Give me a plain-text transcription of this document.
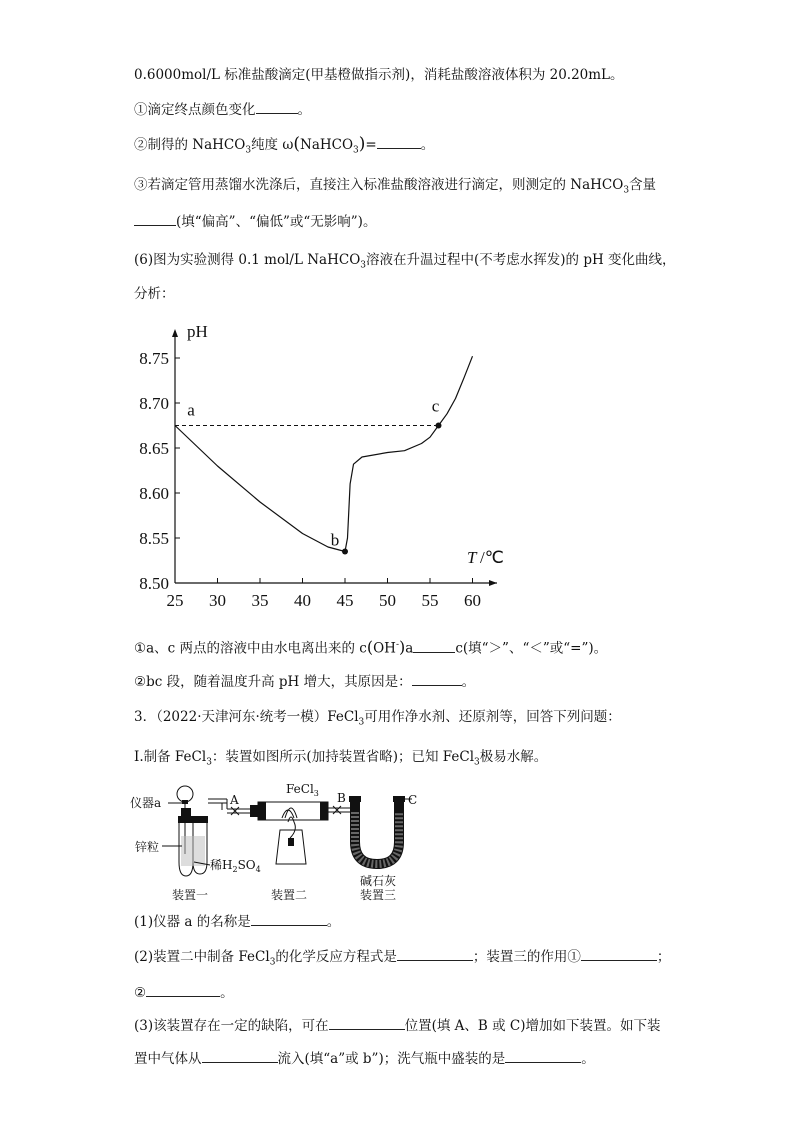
0.6000mol/L 标准盐酸滴定(甲基橙做指示剂)，消耗盐酸溶液体积为 20.20mL。
①滴定终点颜色变化	。
②制得的 NaHCO$_3$纯度 ω(NaHCO$_3$)=	。
③若滴定管用蒸馏水洗涤后，直接注入标准盐酸溶液进行滴定，则测定的 NaHCO$_3$含量
(填“偏高”、“偏低”或“无影响”)。
(6)图为实验测得 0.1 mol/L NaHCO$_3$溶液在升温过程中(不考虑水挥发)的 pH 变化曲线，
分析：
25 30 35 40 45 50 55 60
8.50
8.55
8.60
8.65
8.70
8.75
a
b
c
pH
T /℃
①a、c 两点的溶液中由水电离出来的 c(OH-)a	c(填“＞”、“＜”或“=”)。
②bc 段，随着温度升高 pH 增大，其原因是：	。
3．（2022·天津河东·统考一模）FeCl$_3$可用作净水剂、还原剂等，回答下列问题：
Ⅰ.制备 FeCl$_3$：装置如图所示(加持装置省略)；已知 FeCl$_3$极易水解。
仪器a
锌粒
稀$H_2SO_4$
A
FeCl$_3$ B	C
碱石灰
装置一	装置二	装置三
(1)仪器 a 的名称是	。
(2)装置二中制备 FeCl$_3$的化学反应方程式是	；装置三的作用①	；
②	。
(3)该装置存在一定的缺陷，可在	位置(填 A、B 或 C)增加如下装置。如下装
置中气体从	流入(填“a”或 b”)；洗气瓶中盛装的是	。
